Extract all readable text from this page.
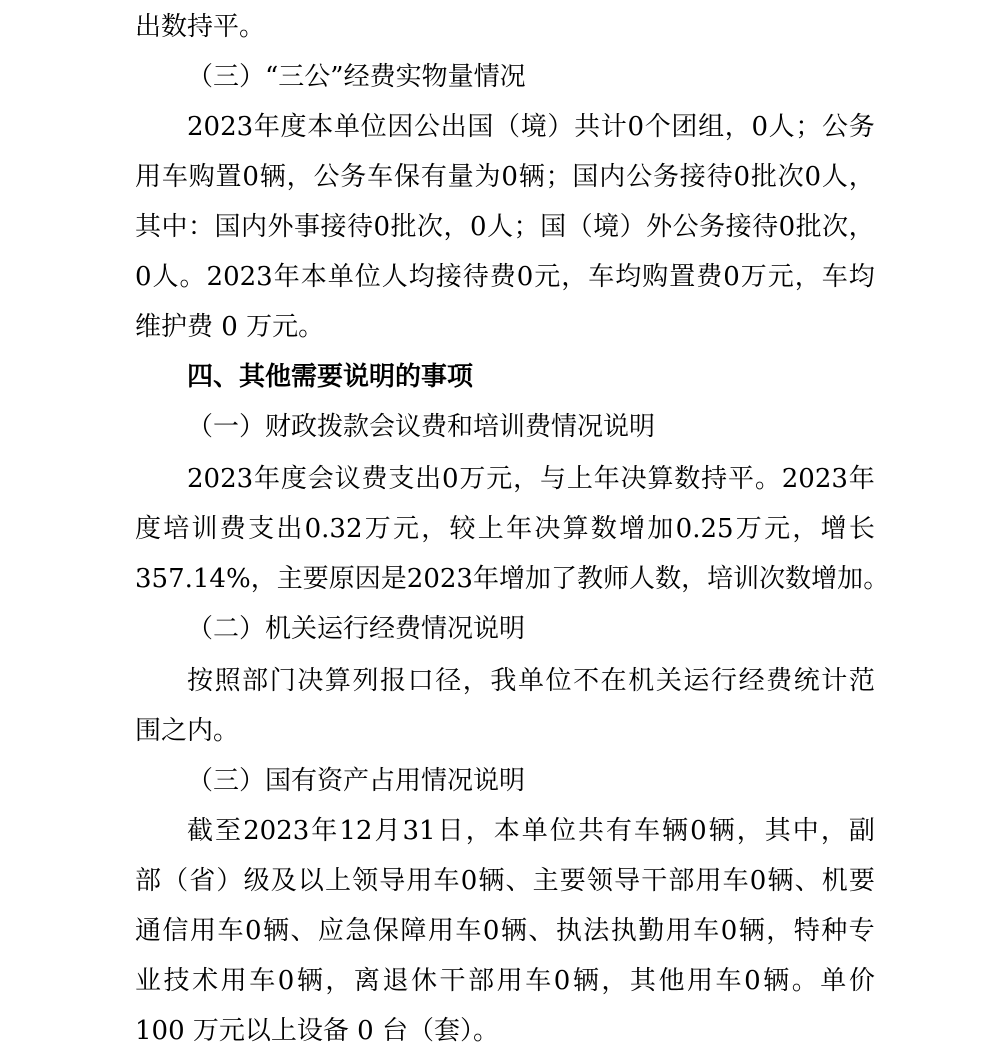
出数持平。
（三）“三公”经费实物量情况
2023 年 度 本 单 位 因 公 出 国 （ 境 ） 共 计 0 个 团 组 ， 0 人 ； 公 务
用 车 购 置 0 辆 ， 公 务 车 保 有 量 为 0 辆 ； 国 内 公 务 接 待 0 批 次 0 人 ，
其 中 ： 国 内 外 事 接 待 0 批 次 ， 0 人 ； 国 （ 境 ） 外 公 务 接 待 0 批 次 ，
0 人 。 2023 年 本 单 位 人 均 接 待 费 0 元 ， 车 均 购 置 费 0 万 元 ， 车 均
维护费 0 万元。
四、其他需要说明的事项
（一）财政拨款会议费和培训费情况说明
2023 年 度 会 议 费 支 出 0 万 元 ， 与 上 年 决 算 数 持 平 。 2023 年
度 培 训 费 支 出 0.32 万 元 ， 较 上 年 决 算 数 增 加 0.25 万 元 ， 增 长
357.14% ， 主 要 原 因 是 2023 年 增 加 了 教 师 人 数 ， 培 训 次 数 增 加 。
（二）机关运行经费情况说明
按 照 部 门 决 算 列 报 口 径 ， 我 单 位 不 在 机 关 运 行 经 费 统 计 范
围之内。
（三）国有资产占用情况说明
截 至 2023 年 12 月 31 日 ， 本 单 位 共 有 车 辆 0 辆 ， 其 中 ， 副
部 （ 省 ） 级 及 以 上 领 导 用 车 0 辆 、 主 要 领 导 干 部 用 车 0 辆 、 机 要
通 信 用 车 0 辆 、 应 急 保 障 用 车 0 辆 、 执 法 执 勤 用 车 0 辆 ， 特 种 专
业 技 术 用 车 0 辆 ， 离 退 休 干 部 用 车 0 辆 ， 其 他 用 车 0 辆 。 单 价
100 万元以上设备 0 台（套）。
